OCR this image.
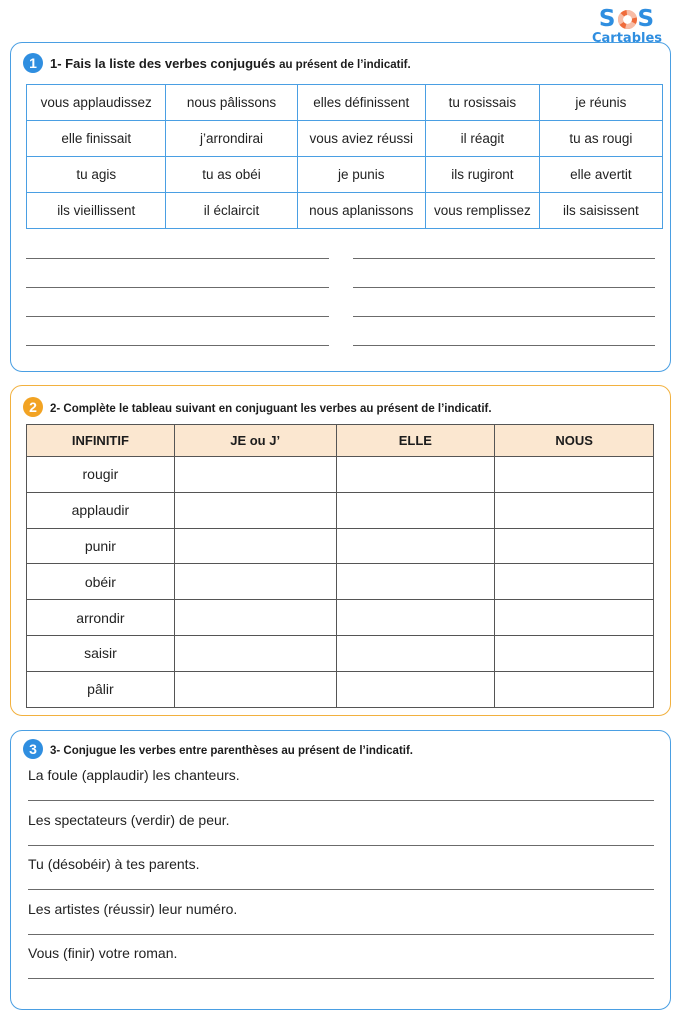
S S
Cartables
1	1- Fais la liste des verbes conjugués au présent de l’indicatif.
vous applaudissez	nous pâlissons	elles définissent	tu rosissais	je réunis
elle finissait	j’arrondirai	vous aviez réussi	il réagit	tu as rougi
tu agis	tu as obéi	je punis	ils rugiront	elle avertit
ils vieillissent	il éclaircit	nous aplanissons	vous remplissez	ils saisissent
2	2- Complète le tableau suivant en conjuguant les verbes au présent de l’indicatif.
INFINITIF	JE ou J’	ELLE	NOUS
rougir			
applaudir			
punir			
obéir			
arrondir			
saisir			
pâlir			
3	3- Conjugue les verbes entre parenthèses au présent de l’indicatif.
La foule (applaudir) les chanteurs.
Les spectateurs (verdir) de peur.
Tu (désobéir) à tes parents.
Les artistes (réussir) leur numéro.
Vous (finir) votre roman.
